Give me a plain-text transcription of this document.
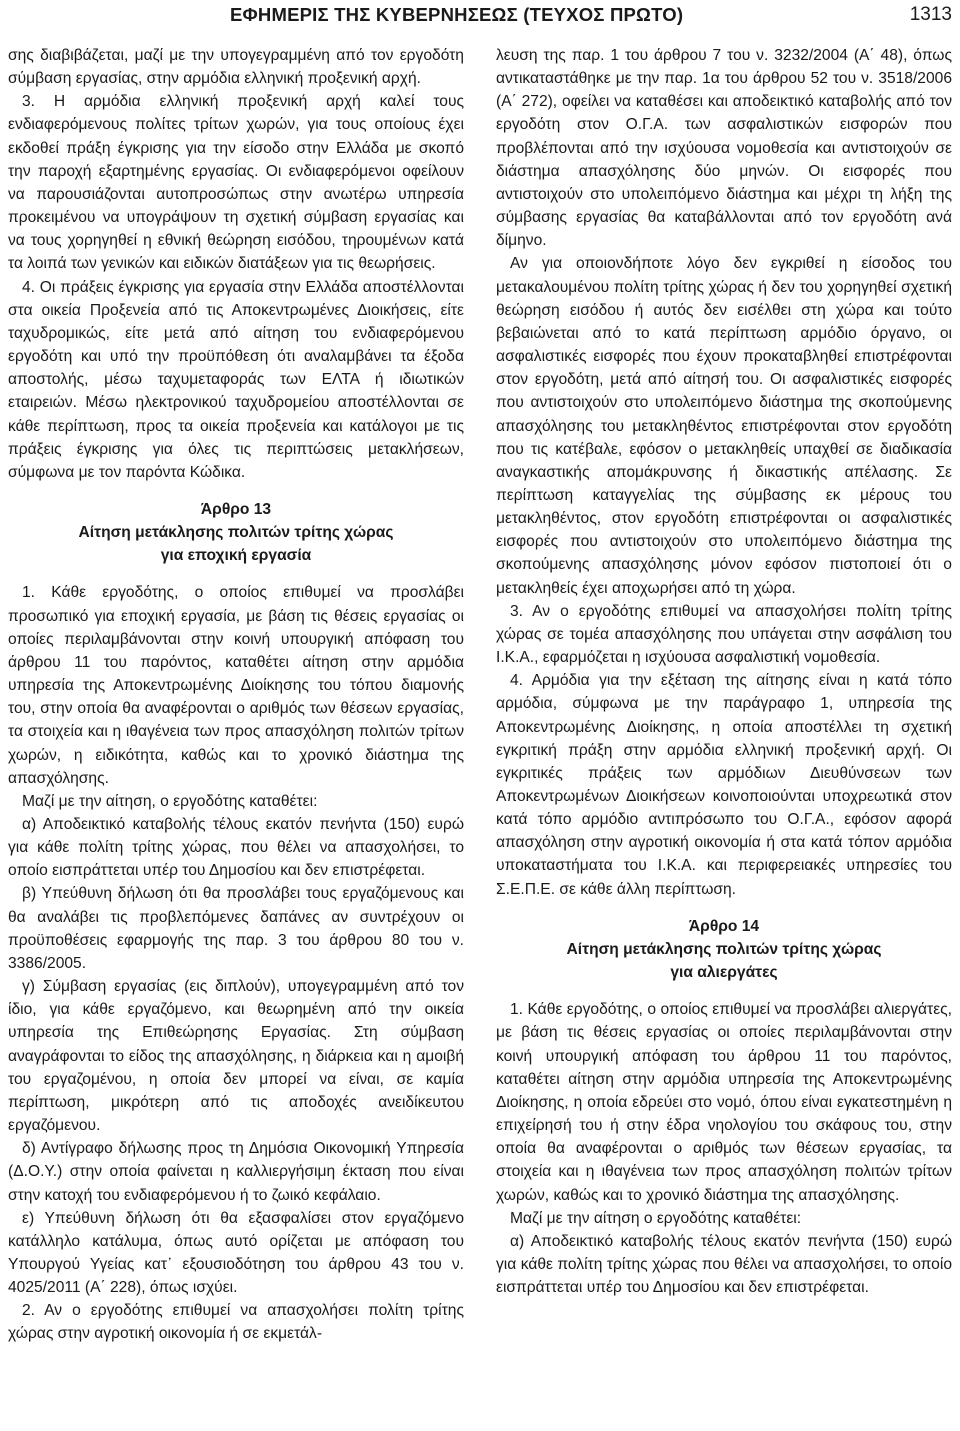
ΕΦΗΜΕΡΙΣ ΤΗΣ ΚΥΒΕΡΝΗΣΕΩΣ (ΤΕΥΧΟΣ ΠΡΩΤΟ)	1313

σης διαβιβάζεται, μαζί με την υπογεγραμμένη από τον εργοδότη σύμβαση εργασίας, στην αρμόδια ελληνική προξενική αρχή.

3. Η αρμόδια ελληνική προξενική αρχή καλεί τους ενδιαφερόμενους πολίτες τρίτων χωρών, για τους οποίους έχει εκδοθεί πράξη έγκρισης για την είσοδο στην Ελλάδα με σκοπό την παροχή εξαρτημένης εργασίας. Οι ενδιαφερόμενοι οφείλουν να παρουσιάζονται αυτοπροσώπως στην ανωτέρω υπηρεσία προκειμένου να υπογράψουν τη σχετική σύμβαση εργασίας και να τους χορηγηθεί η εθνική θεώρηση εισόδου, τηρουμένων κατά τα λοιπά των γενικών και ειδικών διατάξεων για τις θεωρήσεις.

4. Οι πράξεις έγκρισης για εργασία στην Ελλάδα αποστέλλονται στα οικεία Προξενεία από τις Αποκεντρωμένες Διοικήσεις, είτε ταχυδρομικώς, είτε μετά από αίτηση του ενδιαφερόμενου εργοδότη και υπό την προϋπόθεση ότι αναλαμβάνει τα έξοδα αποστολής, μέσω ταχυμεταφοράς των ΕΛΤΑ ή ιδιωτικών εταιρειών. Μέσω ηλεκτρονικού ταχυδρομείου αποστέλλονται σε κάθε περίπτωση, προς τα οικεία προξενεία και κατάλογοι με τις πράξεις έγκρισης για όλες τις περιπτώσεις μετακλήσεων, σύμφωνα με τον παρόντα Κώδικα.

Άρθρο 13

Αίτηση μετάκλησης πολιτών τρίτης χώρας

για εποχική εργασία

1. Κάθε εργοδότης, ο οποίος επιθυμεί να προσλάβει προσωπικό για εποχική εργασία, με βάση τις θέσεις εργασίας οι οποίες περιλαμβάνονται στην κοινή υπουργική απόφαση του άρθρου 11 του παρόντος, καταθέτει αίτηση στην αρμόδια υπηρεσία της Αποκεντρωμένης Διοίκησης του τόπου διαμονής του, στην οποία θα αναφέρονται ο αριθμός των θέσεων εργασίας, τα στοιχεία και η ιθαγένεια των προς απασχόληση πολιτών τρίτων χωρών, η ειδικότητα, καθώς και το χρονικό διάστημα της απασχόλησης.

Μαζί με την αίτηση, ο εργοδότης καταθέτει:

α) Αποδεικτικό καταβολής τέλους εκατόν πενήντα (150) ευρώ για κάθε πολίτη τρίτης χώρας, που θέλει να απασχολήσει, το οποίο εισπράττεται υπέρ του Δημοσίου και δεν επιστρέφεται.

β) Υπεύθυνη δήλωση ότι θα προσλάβει τους εργαζόμενους και θα αναλάβει τις προβλεπόμενες δαπάνες αν συντρέχουν οι προϋποθέσεις εφαρμογής της παρ. 3 του άρθρου 80 του ν. 3386/2005.

γ) Σύμβαση εργασίας (εις διπλούν), υπογεγραμμένη από τον ίδιο, για κάθε εργαζόμενο, και θεωρημένη από την οικεία υπηρεσία της Επιθεώρησης Εργασίας. Στη σύμβαση αναγράφονται το είδος της απασχόλησης, η διάρκεια και η αμοιβή του εργαζομένου, η οποία δεν μπορεί να είναι, σε καμία περίπτωση, μικρότερη από τις αποδοχές ανειδίκευτου εργαζόμενου.

δ) Αντίγραφο δήλωσης προς τη Δημόσια Οικονομική Υπηρεσία (Δ.Ο.Υ.) στην οποία φαίνεται η καλλιεργήσιμη έκταση που είναι στην κατοχή του ενδιαφερόμενου ή το ζωικό κεφάλαιο.

ε) Υπεύθυνη δήλωση ότι θα εξασφαλίσει στον εργαζόμενο κατάλληλο κατάλυμα, όπως αυτό ορίζεται με απόφαση του Υπουργού Υγείας κατ᾽ εξουσιοδότηση του άρθρου 43 του ν. 4025/2011 (Α΄ 228), όπως ισχύει.

2. Αν ο εργοδότης επιθυμεί να απασχολήσει πολίτη τρίτης χώρας στην αγροτική οικονομία ή σε εκμετάλ-

λευση της παρ. 1 του άρθρου 7 του ν. 3232/2004 (Α΄ 48), όπως αντικαταστάθηκε με την παρ. 1α του άρθρου 52 του ν. 3518/2006 (Α΄ 272), οφείλει να καταθέσει και αποδεικτικό καταβολής από τον εργοδότη στον Ο.Γ.Α. των ασφαλιστικών εισφορών που προβλέπονται από την ισχύουσα νομοθεσία και αντιστοιχούν σε διάστημα απασχόλησης δύο μηνών. Οι εισφορές που αντιστοιχούν στο υπολειπόμενο διάστημα και μέχρι τη λήξη της σύμβασης εργασίας θα καταβάλλονται από τον εργοδότη ανά δίμηνο.

Αν για οποιονδήποτε λόγο δεν εγκριθεί η είσοδος του μετακαλουμένου πολίτη τρίτης χώρας ή δεν του χορηγηθεί σχετική θεώρηση εισόδου ή αυτός δεν εισέλθει στη χώρα και τούτο βεβαιώνεται από το κατά περίπτωση αρμόδιο όργανο, οι ασφαλιστικές εισφορές που έχουν προκαταβληθεί επιστρέφονται στον εργοδότη, μετά από αίτησή του. Οι ασφαλιστικές εισφορές που αντιστοιχούν στο υπολειπόμενο διάστημα της σκοπούμενης απασχόλησης του μετακληθέντος επιστρέφονται στον εργοδότη που τις κατέβαλε, εφόσον ο μετακληθείς υπαχθεί σε διαδικασία αναγκαστικής απομάκρυνσης ή δικαστικής απέλασης. Σε περίπτωση καταγγελίας της σύμβασης εκ μέρους του μετακληθέντος, στον εργοδότη επιστρέφονται οι ασφαλιστικές εισφορές που αντιστοιχούν στο υπολειπόμενο διάστημα της σκοπούμενης απασχόλησης μόνον εφόσον πιστοποιεί ότι ο μετακληθείς έχει αποχωρήσει από τη χώρα.

3. Αν ο εργοδότης επιθυμεί να απασχολήσει πολίτη τρίτης χώρας σε τομέα απασχόλησης που υπάγεται στην ασφάλιση του Ι.Κ.Α., εφαρμόζεται η ισχύουσα ασφαλιστική νομοθεσία.

4. Αρμόδια για την εξέταση της αίτησης είναι η κατά τόπο αρμόδια, σύμφωνα με την παράγραφο 1, υπηρεσία της Αποκεντρωμένης Διοίκησης, η οποία αποστέλλει τη σχετική εγκριτική πράξη στην αρμόδια ελληνική προξενική αρχή. Οι εγκριτικές πράξεις των αρμόδιων Διευθύνσεων των Αποκεντρωμένων Διοικήσεων κοινοποιούνται υποχρεωτικά στον κατά τόπο αρμόδιο αντιπρόσωπο του Ο.Γ.Α., εφόσον αφορά απασχόληση στην αγροτική οικονομία ή στα κατά τόπον αρμόδια υποκαταστήματα του Ι.Κ.Α. και περιφερειακές υπηρεσίες του Σ.Ε.Π.Ε. σε κάθε άλλη περίπτωση.

Άρθρο 14

Αίτηση μετάκλησης πολιτών τρίτης χώρας

για αλιεργάτες

1. Κάθε εργοδότης, ο οποίος επιθυμεί να προσλάβει αλιεργάτες, με βάση τις θέσεις εργασίας οι οποίες περιλαμβάνονται στην κοινή υπουργική απόφαση του άρθρου 11 του παρόντος, καταθέτει αίτηση στην αρμόδια υπηρεσία της Αποκεντρωμένης Διοίκησης, η οποία εδρεύει στο νομό, όπου είναι εγκατεστημένη η επιχείρησή του ή στην έδρα νηολογίου του σκάφους του, στην οποία θα αναφέρονται ο αριθμός των θέσεων εργασίας, τα στοιχεία και η ιθαγένεια των προς απασχόληση πολιτών τρίτων χωρών, καθώς και το χρονικό διάστημα της απασχόλησης.

Μαζί με την αίτηση ο εργοδότης καταθέτει:

α) Αποδεικτικό καταβολής τέλους εκατόν πενήντα (150) ευρώ για κάθε πολίτη τρίτης χώρας που θέλει να απασχολήσει, το οποίο εισπράττεται υπέρ του Δημοσίου και δεν επιστρέφεται.
